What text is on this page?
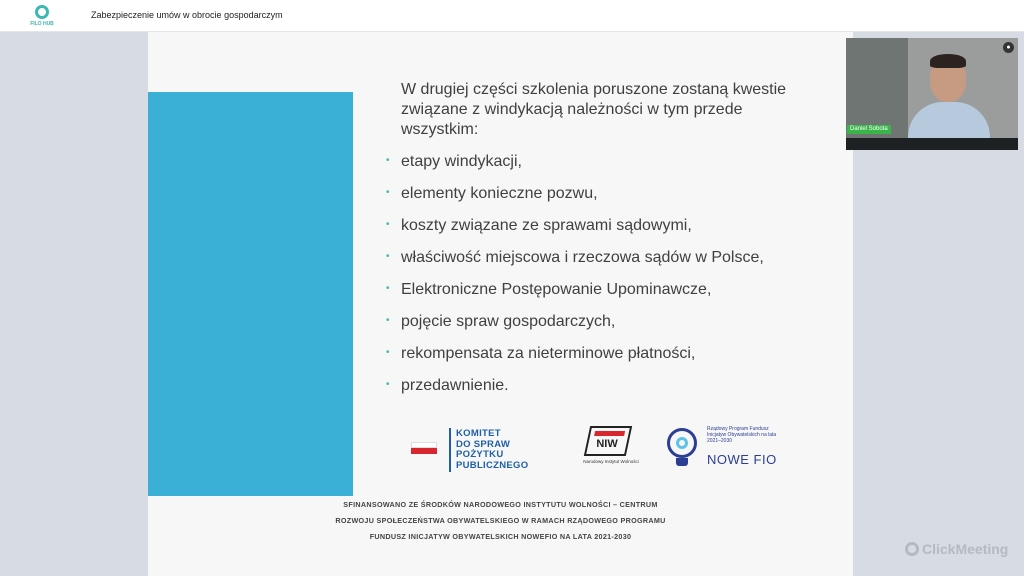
FILO HUB
Zabezpieczenie umów w obrocie gospodarczym
W drugiej części szkolenia poruszone zostaną kwestie związane z windykacją należności w tym przede wszystkim:
• etapy windykacji,
• elementy konieczne pozwu,
• koszty związane ze sprawami sądowymi,
• właściwość miejscowa i rzeczowa sądów w Polsce,
• Elektroniczne Postępowanie Upominawcze,
• pojęcie spraw gospodarczych,
• rekompensata za nieterminowe płatności,
• przedawnienie.
KOMITET
DO SPRAW
POŻYTKU
PUBLICZNEGO
NIW
Narodowy Instytut Wolności
Rządowy Program Fundusz Inicjatyw Obywatelskich na lata 2021–2030
NOWE FIO
SFINANSOWANO ZE ŚRODKÓW NARODOWEGO INSTYTUTU WOLNOŚCI – CENTRUM
ROZWOJU SPOŁECZEŃSTWA OBYWATELSKIEGO W RAMACH RZĄDOWEGO PROGRAMU
FUNDUSZ INICJATYW OBYWATELSKICH NOWEFIO NA LATA 2021-2030
●
Daniel Sobota
ClickMeeting
